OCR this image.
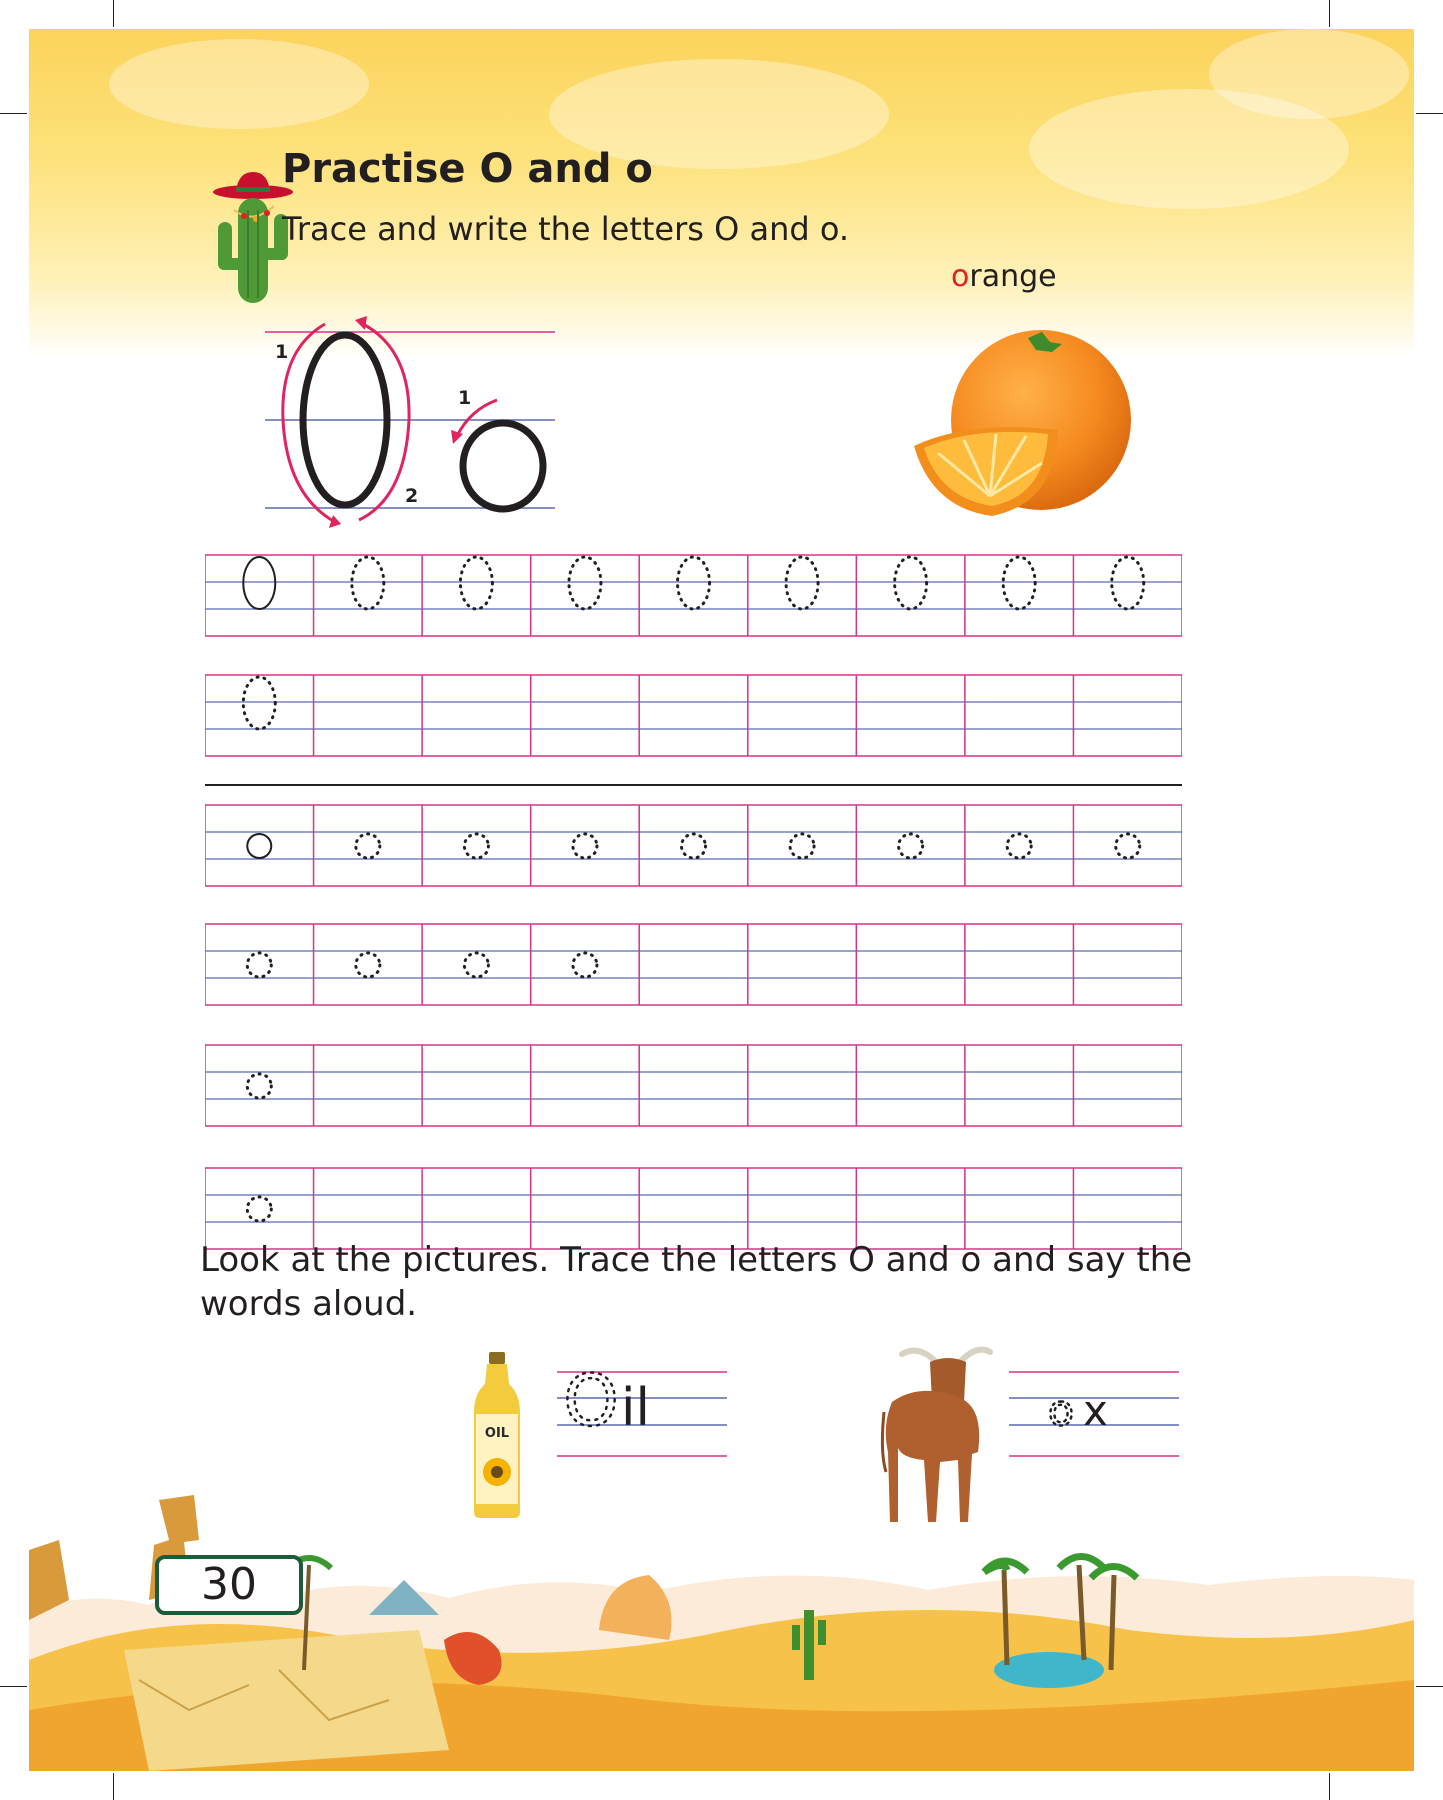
Practise O and o
Trace and write the letters O and o.
1
2
1
orange
Look at the pictures. Trace the letters O and o and say the words aloud.
OIL O il	o x
30
